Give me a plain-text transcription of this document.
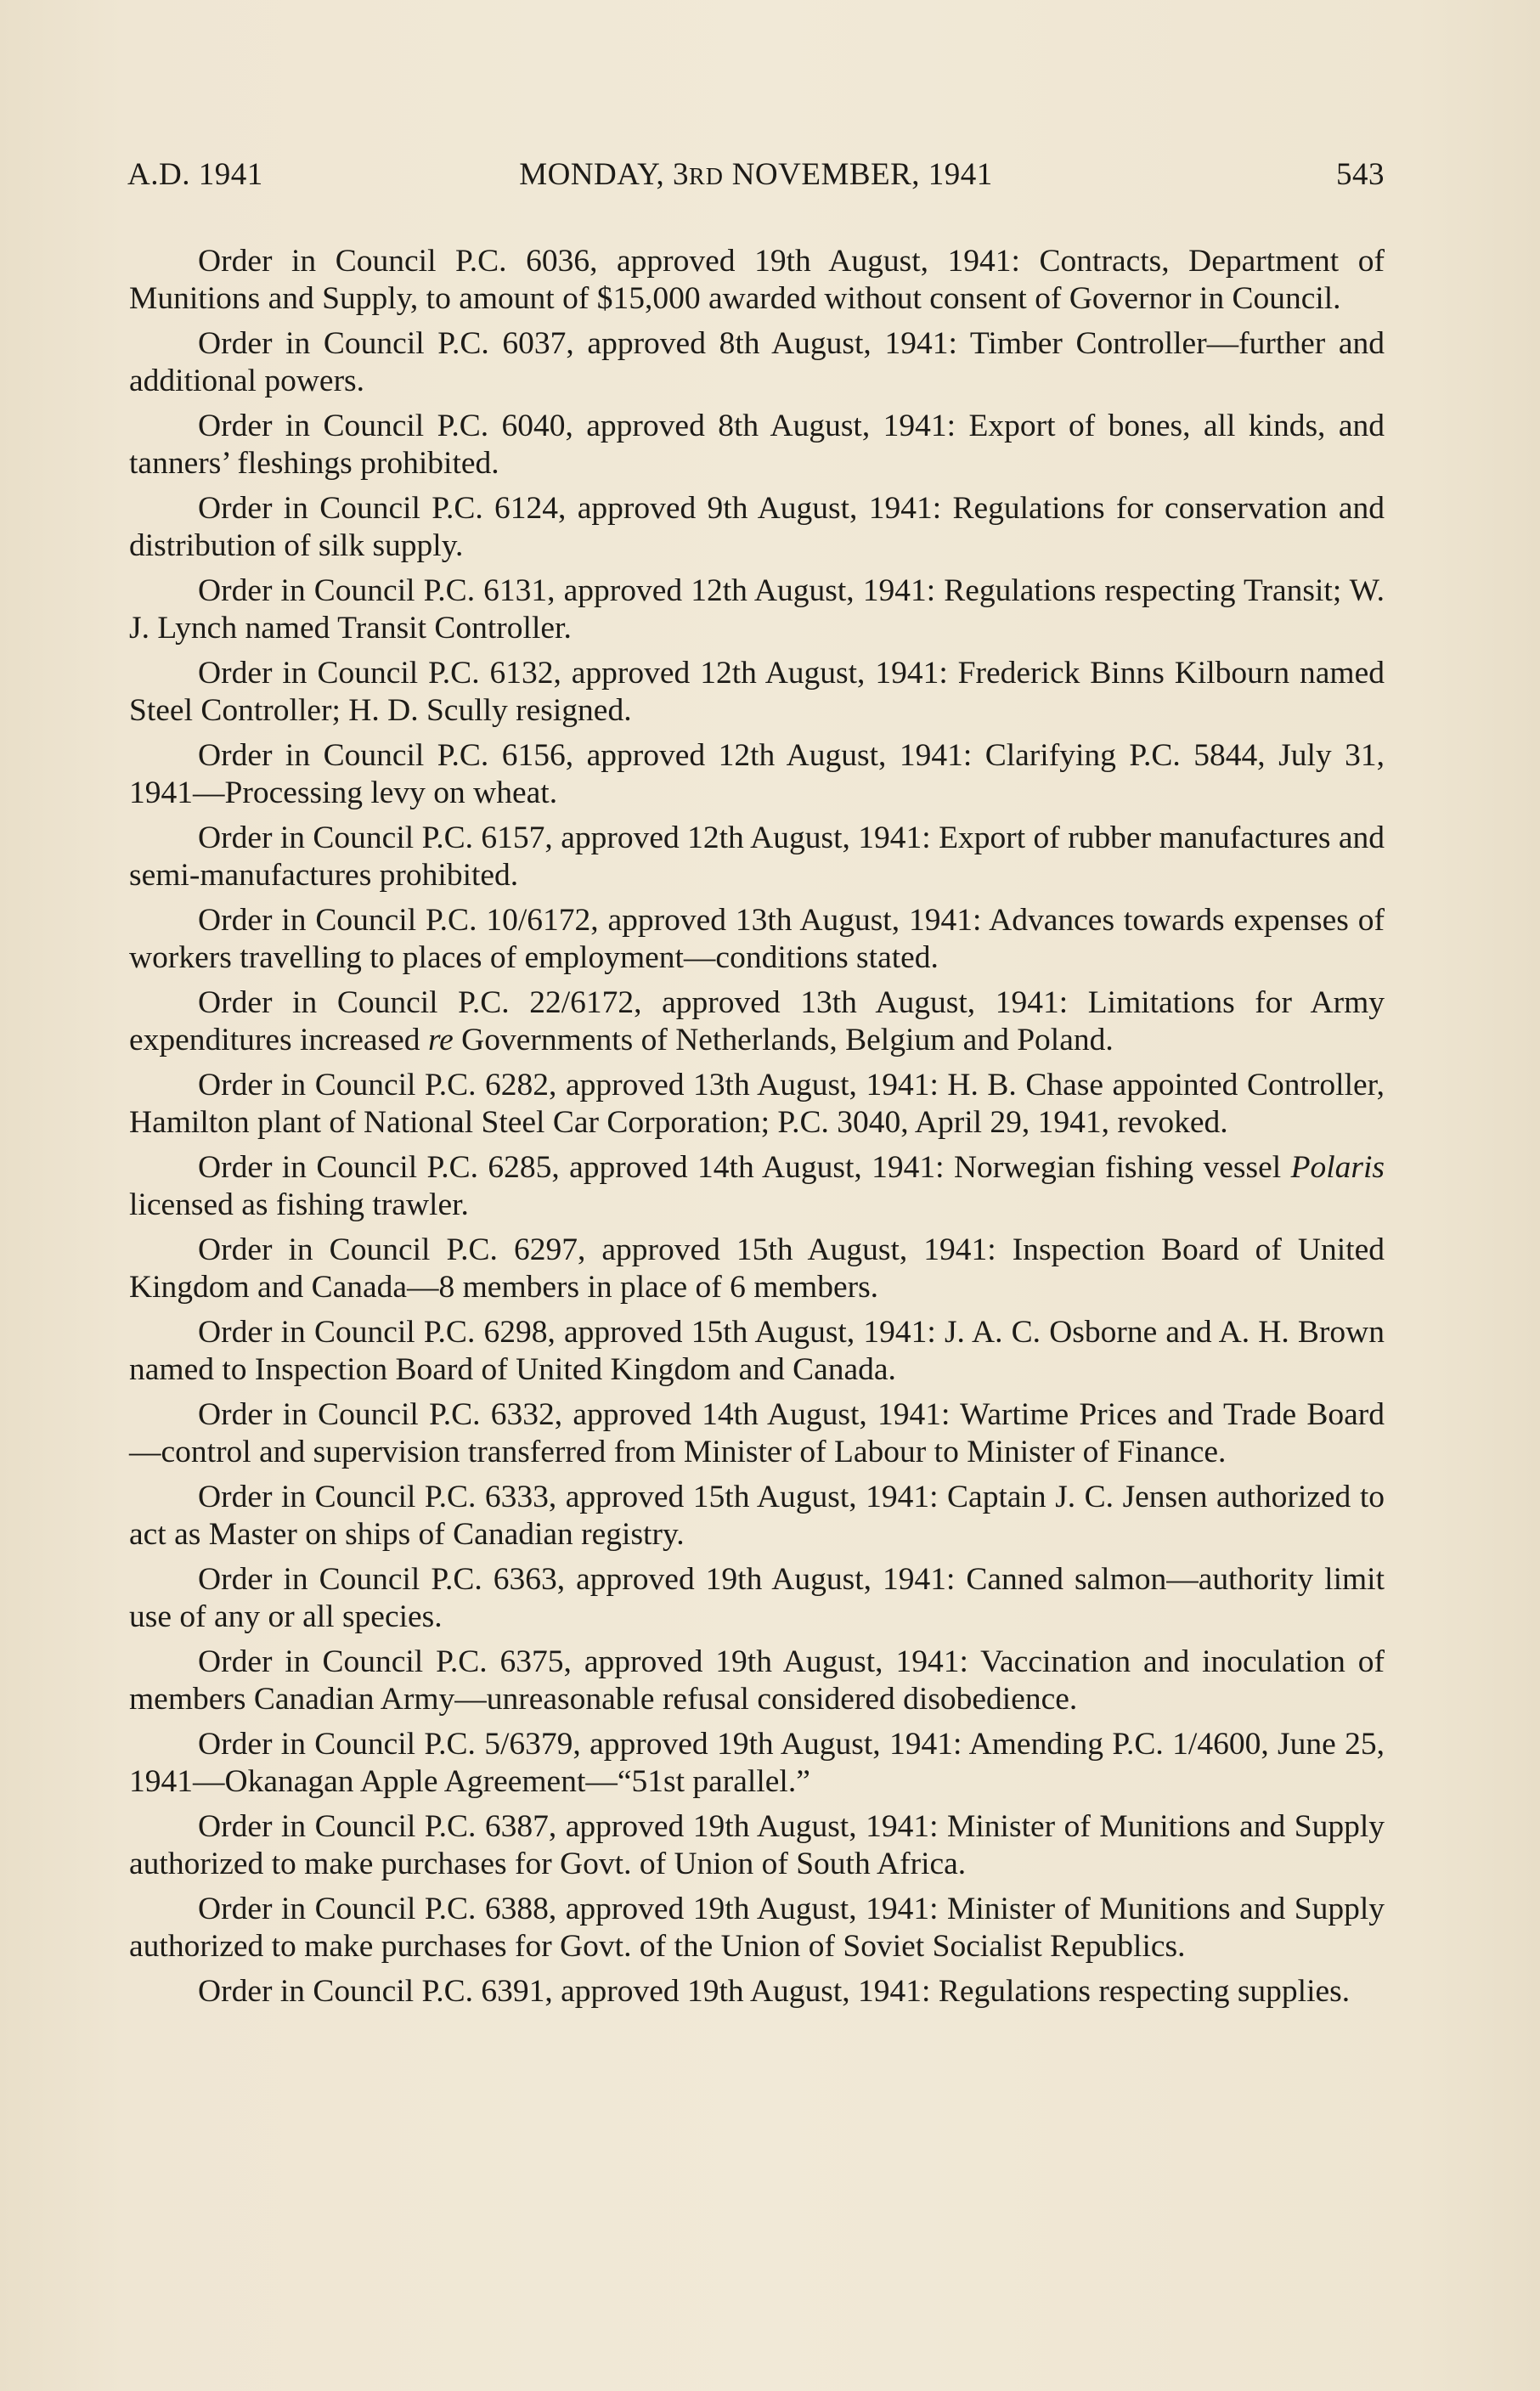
A.D. 1941	MONDAY, 3RD NOVEMBER, 1941	543

Order in Council P.C. 6036, approved 19th August, 1941: Contracts, Department of Munitions and Supply, to amount of $15,000 awarded without consent of Governor in Council.

Order in Council P.C. 6037, approved 8th August, 1941: Timber Controller—further and additional powers.

Order in Council P.C. 6040, approved 8th August, 1941: Export of bones, all kinds, and tanners’ fleshings prohibited.

Order in Council P.C. 6124, approved 9th August, 1941: Regulations for conservation and distribution of silk supply.

Order in Council P.C. 6131, approved 12th August, 1941: Regulations respecting Transit; W. J. Lynch named Transit Controller.

Order in Council P.C. 6132, approved 12th August, 1941: Frederick Binns Kilbourn named Steel Controller; H. D. Scully resigned.

Order in Council P.C. 6156, approved 12th August, 1941: Clarifying P.C. 5844, July 31, 1941—Processing levy on wheat.

Order in Council P.C. 6157, approved 12th August, 1941: Export of rubber manufactures and semi-manufactures prohibited.

Order in Council P.C. 10/6172, approved 13th August, 1941: Advances towards expenses of workers travelling to places of employment—conditions stated.

Order in Council P.C. 22/6172, approved 13th August, 1941: Limitations for Army expenditures increased re Governments of Netherlands, Belgium and Poland.

Order in Council P.C. 6282, approved 13th August, 1941: H. B. Chase appointed Controller, Hamilton plant of National Steel Car Corporation; P.C. 3040, April 29, 1941, revoked.

Order in Council P.C. 6285, approved 14th August, 1941: Norwegian fishing vessel Polaris licensed as fishing trawler.

Order in Council P.C. 6297, approved 15th August, 1941: Inspection Board of United Kingdom and Canada—8 members in place of 6 members.

Order in Council P.C. 6298, approved 15th August, 1941: J. A. C. Osborne and A. H. Brown named to Inspection Board of United Kingdom and Canada.

Order in Council P.C. 6332, approved 14th August, 1941: Wartime Prices and Trade Board—control and supervision transferred from Minister of Labour to Minister of Finance.

Order in Council P.C. 6333, approved 15th August, 1941: Captain J. C. Jensen authorized to act as Master on ships of Canadian registry.

Order in Council P.C. 6363, approved 19th August, 1941: Canned salmon—authority limit use of any or all species.

Order in Council P.C. 6375, approved 19th August, 1941: Vaccination and inoculation of members Canadian Army—unreasonable refusal considered disobedience.

Order in Council P.C. 5/6379, approved 19th August, 1941: Amending P.C. 1/4600, June 25, 1941—Okanagan Apple Agreement—“51st parallel.”

Order in Council P.C. 6387, approved 19th August, 1941: Minister of Munitions and Supply authorized to make purchases for Govt. of Union of South Africa.

Order in Council P.C. 6388, approved 19th August, 1941: Minister of Munitions and Supply authorized to make purchases for Govt. of the Union of Soviet Socialist Republics.

Order in Council P.C. 6391, approved 19th August, 1941: Regulations respecting supplies.
